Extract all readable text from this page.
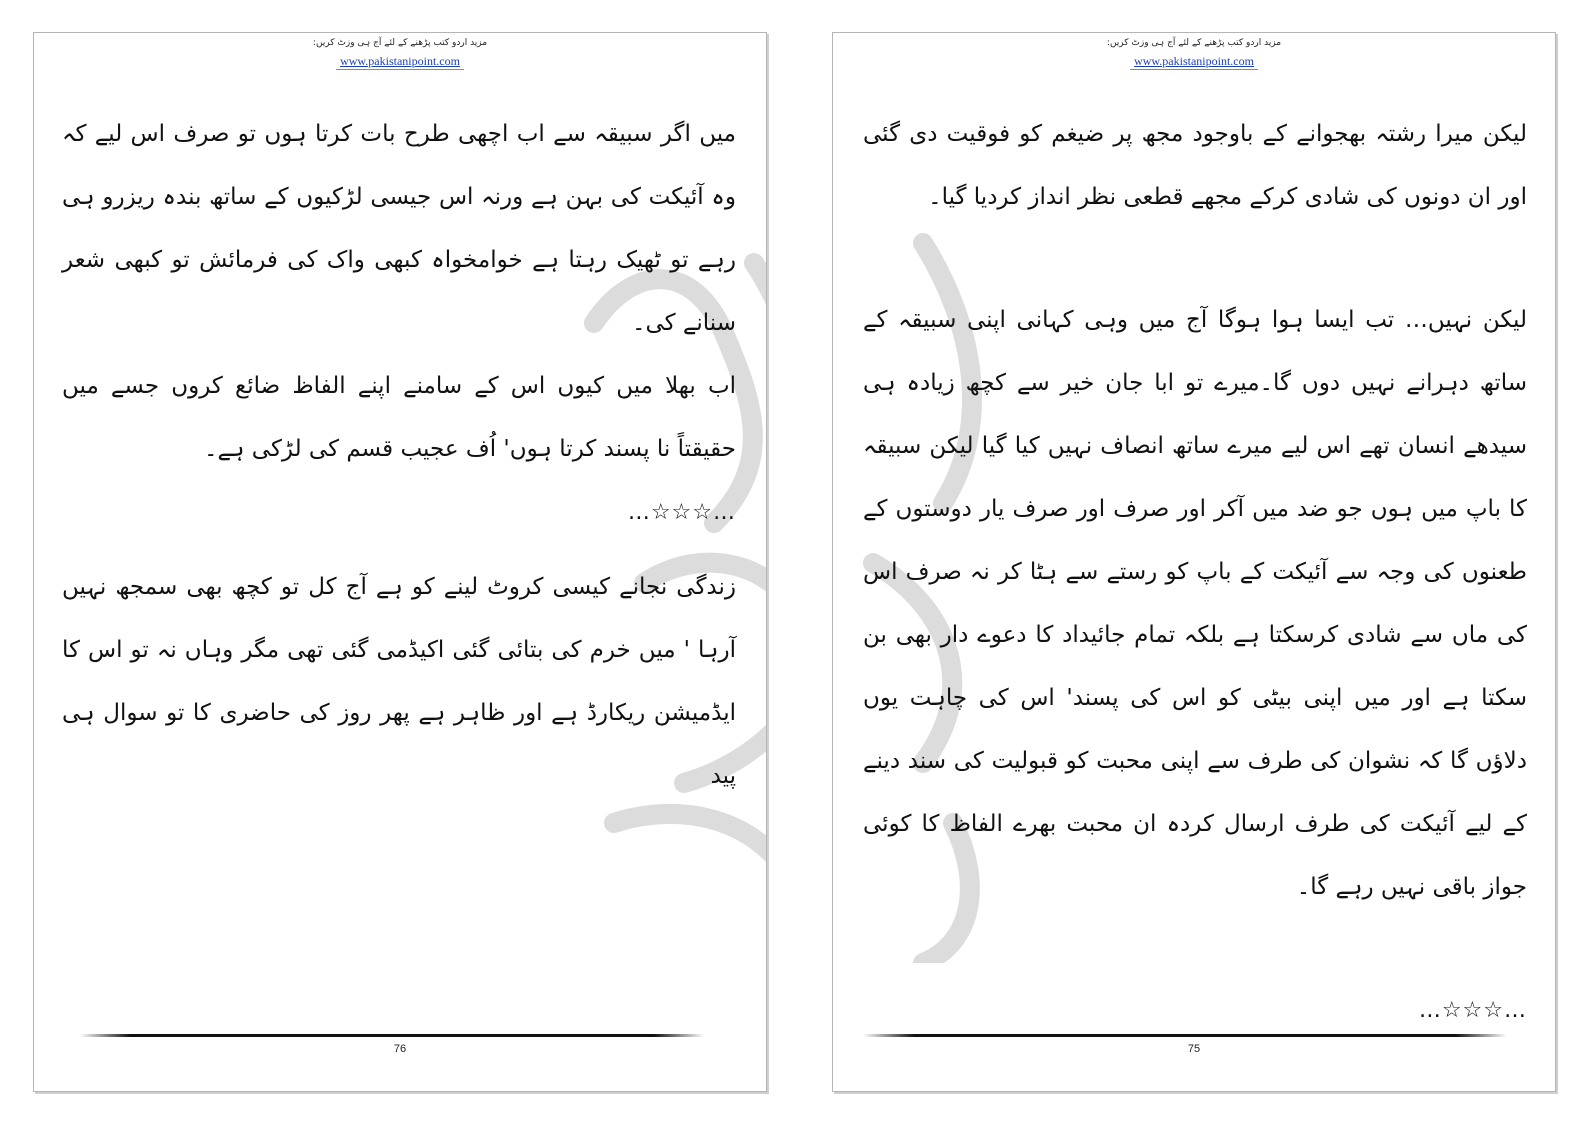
مزید اردو کتب پڑھنے کے لئے آج ہی وزٹ کریں:
www.pakistanipoint.com

میں اگر سبیقہ سے اب اچھی طرح بات کرتا ہوں تو صرف اس لیے کہ وہ آئیکت کی بہن ہے ورنہ اس جیسی لڑکیوں کے ساتھ بندہ ریزرو ہی رہے تو ٹھیک رہتا ہے خوامخواہ کبھی واک کی فرمائش تو کبھی شعر سنانے کی۔

اب بھلا میں کیوں اس کے سامنے اپنے الفاظ ضائع کروں جسے میں حقیقتاً نا پسند کرتا ہوں' اُف عجیب قسم کی لڑکی ہے۔

…☆☆☆…

زندگی نجانے کیسی کروٹ لینے کو ہے آج کل تو کچھ بھی سمجھ نہیں آرہا ' میں خرم کی بتائی گئی اکیڈمی گئی تھی مگر وہاں نہ تو اس کا ایڈمیشن ریکارڈ ہے اور ظاہر ہے پھر روز کی حاضری کا تو سوال ہی پید

76
مزید اردو کتب پڑھنے کے لئے آج ہی وزٹ کریں:
www.pakistanipoint.com

لیکن میرا رشتہ بھجوانے کے باوجود مجھ پر ضیغم کو فوقیت دی گئی اور ان دونوں کی شادی کرکے مجھے قطعی نظر انداز کردیا گیا۔

لیکن نہیں… تب ایسا ہوا ہوگا آج میں وہی کہانی اپنی سبیقہ کے ساتھ دہرانے نہیں دوں گا۔میرے تو ابا جان خیر سے کچھ زیادہ ہی سیدھے انسان تھے اس لیے میرے ساتھ انصاف نہیں کیا گیا لیکن سبیقہ کا باپ میں ہوں جو ضد میں آکر اور صرف اور صرف یار دوستوں کے طعنوں کی وجہ سے آئیکت کے باپ کو رستے سے ہٹا کر نہ صرف اس کی ماں سے شادی کرسکتا ہے بلکہ تمام جائیداد کا دعوے دار بھی بن سکتا ہے اور میں اپنی بیٹی کو اس کی پسند' اس کی چاہت یوں دلاؤں گا کہ نشوان کی طرف سے اپنی محبت کو قبولیت کی سند دینے کے لیے آئیکت کی طرف ارسال کردہ ان محبت بھرے الفاظ کا کوئی جواز باقی نہیں رہے گا۔

…☆☆☆…

75
